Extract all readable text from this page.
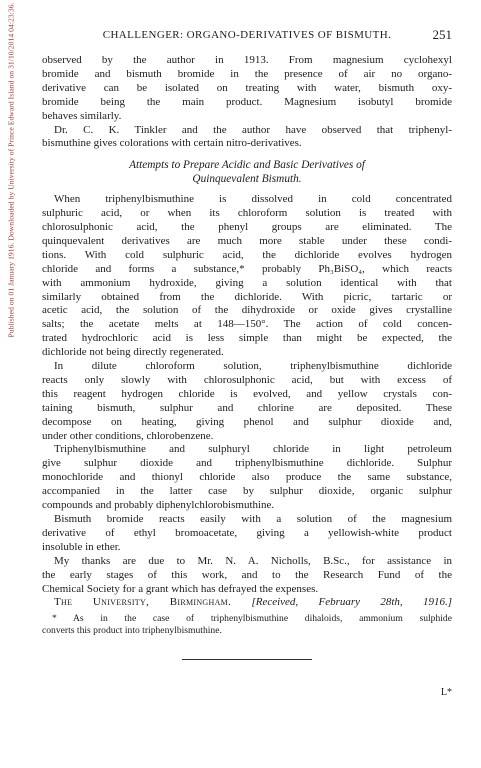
Published on 01 January 1916. Downloaded by University of Prince Edward Island on 31/10/2014 04:23:36.	CHALLENGER: ORGANO-DERIVATIVES OF BISMUTH.	251
observed by the author in 1913. From magnesium cyclohexyl
bromide and bismuth bromide in the presence of air no organo-
derivative can be isolated on treating with water, bismuth oxy-
bromide being the main product. Magnesium isobutyl bromide
behaves similarly.
Dr. C. K. Tinkler and the author have observed that triphenyl-
bismuthine gives colorations with certain nitro-derivatives.
Attempts to Prepare Acidic and Basic Derivatives of
Quinquevalent Bismuth.
When triphenylbismuthine is dissolved in cold concentrated
sulphuric acid, or when its chloroform solution is treated with
chlorosulphonic acid, the phenyl groups are eliminated. The
quinquevalent derivatives are much more stable under these condi-
tions. With cold sulphuric acid, the dichloride evolves hydrogen
chloride and forms a substance,* probably Ph₃BiSO₄, which reacts
with ammonium hydroxide, giving a solution identical with that
similarly obtained from the dichloride. With picric, tartaric or
acetic acid, the solution of the dihydroxide or oxide gives crystalline
salts; the acetate melts at 148—150°. The action of cold concen-
trated hydrochloric acid is less simple than might be expected, the
dichloride not being directly regenerated.
In dilute chloroform solution, triphenylbismuthine dichloride
reacts only slowly with chlorosulphonic acid, but with excess of
this reagent hydrogen chloride is evolved, and yellow crystals con-
taining bismuth, sulphur and chlorine are deposited. These
decompose on heating, giving phenol and sulphur dioxide and,
under other conditions, chlorobenzene.
Triphenylbismuthine and sulphuryl chloride in light petroleum
give sulphur dioxide and triphenylbismuthine dichloride. Sulphur
monochloride and thionyl chloride also produce the same substance,
accompanied in the latter case by sulphur dioxide, organic sulphur
compounds and probably diphenylchlorobismuthine.
Bismuth bromide reacts easily with a solution of the magnesium
derivative of ethyl bromoacetate, giving a yellowish-white product
insoluble in ether.
My thanks are due to Mr. N. A. Nicholls, B.Sc., for assistance in
the early stages of this work, and to the Research Fund of the
Chemical Society for a grant which has defrayed the expenses.
The University, Birmingham. [Received, February 28th, 1916.]
* As in the case of triphenylbismuthine dihaloids, ammonium sulphide
converts this product into triphenylbismuthine.
L*
